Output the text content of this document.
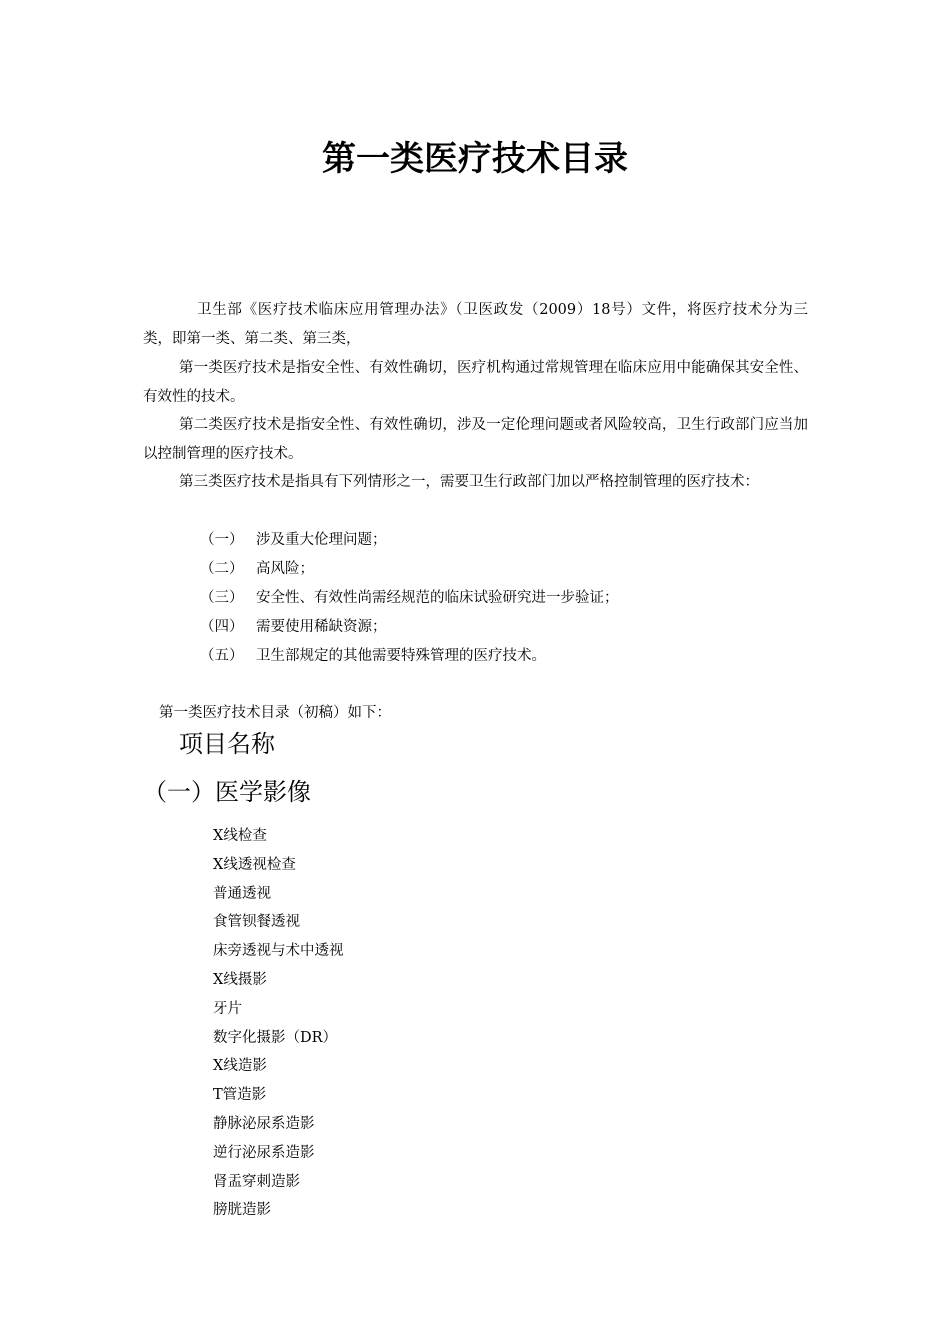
第一类医疗技术目录
卫生部《医疗技术临床应用管理办法》（卫医政发（2009）18号）文件，将医疗技术分为三类，即第一类、第二类、第三类，
第一类医疗技术是指安全性、有效性确切，医疗机构通过常规管理在临床应用中能确保其安全性、有效性的技术。
第二类医疗技术是指安全性、有效性确切，涉及一定伦理问题或者风险较高，卫生行政部门应当加以控制管理的医疗技术。
第三类医疗技术是指具有下列情形之一，需要卫生行政部门加以严格控制管理的医疗技术：
（一） 涉及重大伦理问题；
（二） 高风险；
（三） 安全性、有效性尚需经规范的临床试验研究进一步验证；
（四） 需要使用稀缺资源；
（五） 卫生部规定的其他需要特殊管理的医疗技术。
第一类医疗技术目录（初稿）如下：
项目名称
（一）医学影像
X线检查
X线透视检查
普通透视
食管钡餐透视
床旁透视与术中透视
X线摄影
牙片
数字化摄影（DR）
X线造影
T管造影
静脉泌尿系造影
逆行泌尿系造影
肾盂穿刺造影
膀胱造影
